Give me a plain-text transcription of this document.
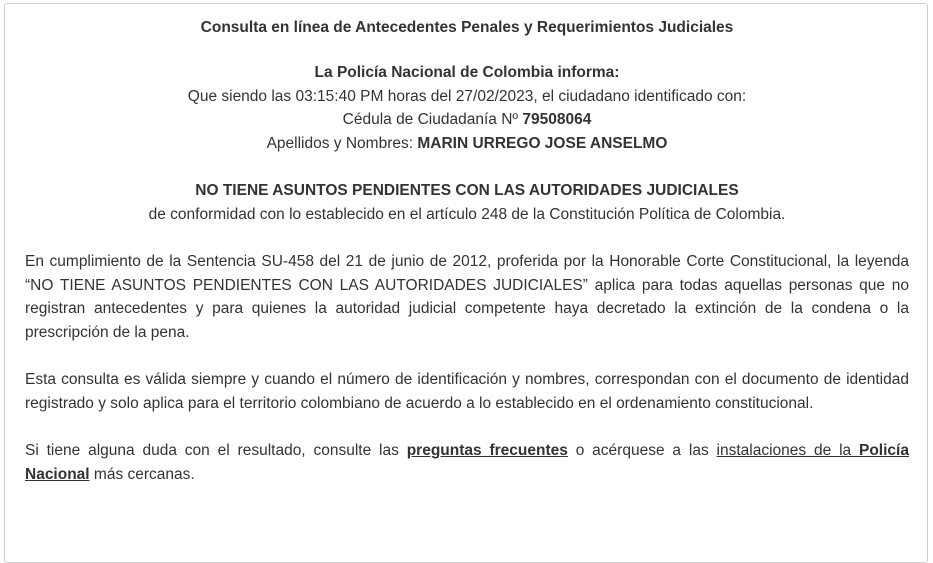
Consulta en línea de Antecedentes Penales y Requerimientos Judiciales
La Policía Nacional de Colombia informa:
Que siendo las 03:15:40 PM horas del 27/02/2023, el ciudadano identificado con:
Cédula de Ciudadanía Nº 79508064
Apellidos y Nombres: MARIN URREGO JOSE ANSELMO
NO TIENE ASUNTOS PENDIENTES CON LAS AUTORIDADES JUDICIALES
de conformidad con lo establecido en el artículo 248 de la Constitución Política de Colombia.
En cumplimiento de la Sentencia SU-458 del 21 de junio de 2012, proferida por la Honorable Corte Constitucional, la leyenda “NO TIENE ASUNTOS PENDIENTES CON LAS AUTORIDADES JUDICIALES” aplica para todas aquellas personas que no registran antecedentes y para quienes la autoridad judicial competente haya decretado la extinción de la condena o la prescripción de la pena.
Esta consulta es válida siempre y cuando el número de identificación y nombres, correspondan con el documento de identidad registrado y solo aplica para el territorio colombiano de acuerdo a lo establecido en el ordenamiento constitucional.
Si tiene alguna duda con el resultado, consulte las preguntas frecuentes o acérquese a las instalaciones de la Policía Nacional más cercanas.
